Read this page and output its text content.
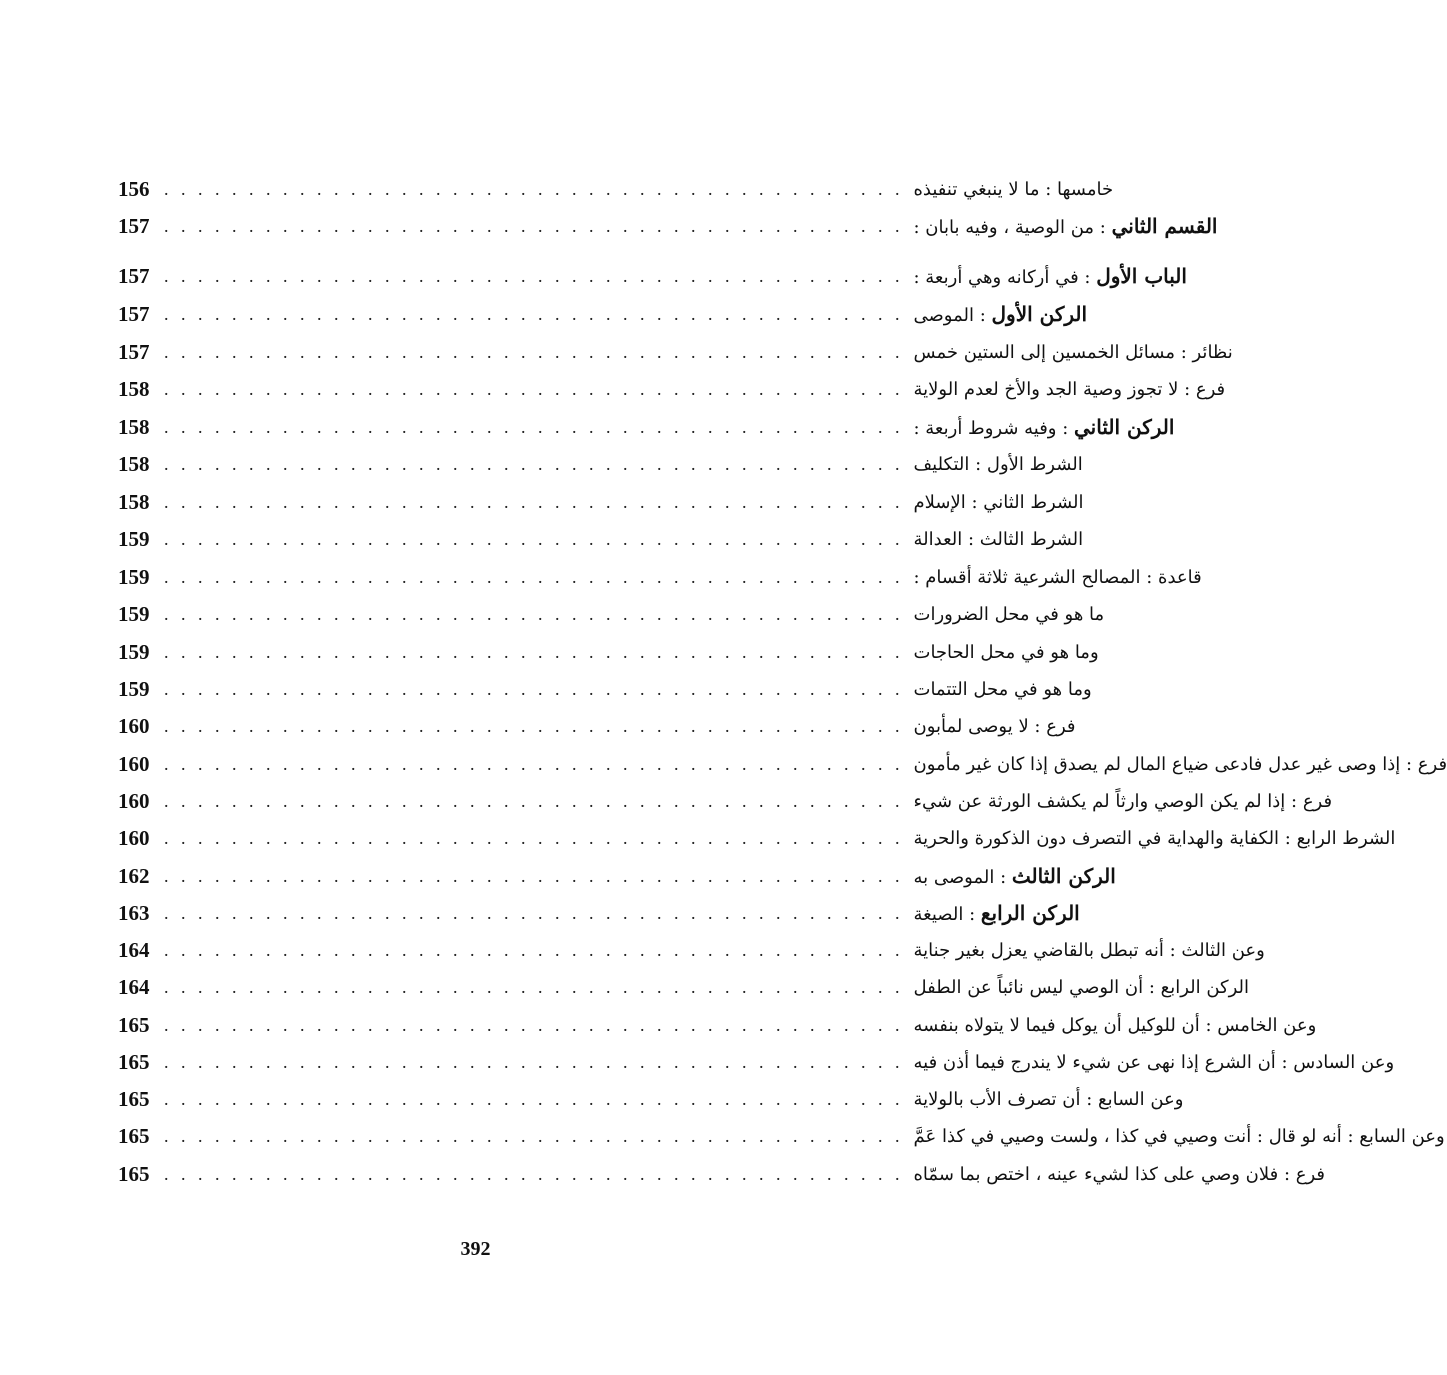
156 . . . . . . . . . . . . . . . . . . . . . . . . . . . . . . . . . . . . . . . . . . . . خامسها : ما لا ينبغي تنفيذه
157 . . . . . . . . . . . . . . . . . . . . . . . . . . . . . . . . . . . . . . . . . . . .	القسم الثاني : من الوصية ، وفيه بابان :
157 . . . . . . . . . . . . . . . . . . . . . . . . . . . . . . . . . . . . . . . . . . . .	الباب الأول : في أركانه وهي أربعة :
157 . . . . . . . . . . . . . . . . . . . . . . . . . . . . . . . . . . . . . . . . . . . .	الركن الأول : الموصى
157 . . . . . . . . . . . . . . . . . . . . . . . . . . . . . . . . . . . . . . . . . . . . نظائر : مسائل الخمسين إلى الستين خمس
158 . . . . . . . . . . . . . . . . . . . . . . . . . . . . . . . . . . . . . . . . . . . . فرع : لا تجوز وصية الجد والأخ لعدم الولاية
158 . . . . . . . . . . . . . . . . . . . . . . . . . . . . . . . . . . . . . . . . . . . .	الركن الثاني : وفيه شروط أربعة :
158 . . . . . . . . . . . . . . . . . . . . . . . . . . . . . . . . . . . . . . . . . . . . الشرط الأول : التكليف
158 . . . . . . . . . . . . . . . . . . . . . . . . . . . . . . . . . . . . . . . . . . . . الشرط الثاني : الإسلام
159 . . . . . . . . . . . . . . . . . . . . . . . . . . . . . . . . . . . . . . . . . . . . الشرط الثالث : العدالة
159 . . . . . . . . . . . . . . . . . . . . . . . . . . . . . . . . . . . . . . . . . . . . قاعدة : المصالح الشرعية ثلاثة أقسام :
159 . . . . . . . . . . . . . . . . . . . . . . . . . . . . . . . . . . . . . . . . . . . . ما هو في محل الضرورات
159 . . . . . . . . . . . . . . . . . . . . . . . . . . . . . . . . . . . . . . . . . . . . وما هو في محل الحاجات
159 . . . . . . . . . . . . . . . . . . . . . . . . . . . . . . . . . . . . . . . . . . . . وما هو في محل التتمات
160 . . . . . . . . . . . . . . . . . . . . . . . . . . . . . . . . . . . . . . . . . . . . فرع : لا يوصى لمأبون
160 . . . . . . . . . . . . . . . . . . . . . . . . . . . . . . . . . . . . . . . . . . . . فرع : إذا وصى غير عدل فادعى ضياع المال لم يصدق إذا كان غير مأمون
160 . . . . . . . . . . . . . . . . . . . . . . . . . . . . . . . . . . . . . . . . . . . . فرع : إذا لم يكن الوصي وارثاً لم يكشف الورثة عن شيء
160 . . . . . . . . . . . . . . . . . . . . . . . . . . . . . . . . . . . . . . . . . . . . الشرط الرابع : الكفاية والهداية في التصرف دون الذكورة والحرية
162 . . . . . . . . . . . . . . . . . . . . . . . . . . . . . . . . . . . . . . . . . . . .	الركن الثالث : الموصى به
163 . . . . . . . . . . . . . . . . . . . . . . . . . . . . . . . . . . . . . . . . . . . .	الركن الرابع : الصيغة
164 . . . . . . . . . . . . . . . . . . . . . . . . . . . . . . . . . . . . . . . . . . . . وعن الثالث : أنه تبطل بالقاضي يعزل بغير جناية
164 . . . . . . . . . . . . . . . . . . . . . . . . . . . . . . . . . . . . . . . . . . . . الركن الرابع : أن الوصي ليس نائباً عن الطفل
165 . . . . . . . . . . . . . . . . . . . . . . . . . . . . . . . . . . . . . . . . . . . . وعن الخامس : أن للوكيل أن يوكل فيما لا يتولاه بنفسه
165 . . . . . . . . . . . . . . . . . . . . . . . . . . . . . . . . . . . . . . . . . . . . وعن السادس : أن الشرع إذا نهى عن شيء لا يندرج فيما أذن فيه
165 . . . . . . . . . . . . . . . . . . . . . . . . . . . . . . . . . . . . . . . . . . . . وعن السابع : أن تصرف الأب بالولاية
165 . . . . . . . . . . . . . . . . . . . . . . . . . . . . . . . . . . . . . . . . . . . . وعن السابع : أنه لو قال : أنت وصيي في كذا ، ولست وصيي في كذا عَمَّ
165 . . . . . . . . . . . . . . . . . . . . . . . . . . . . . . . . . . . . . . . . . . . . فرع : فلان وصي على كذا لشيء عينه ، اختص بما سمّاه
392
